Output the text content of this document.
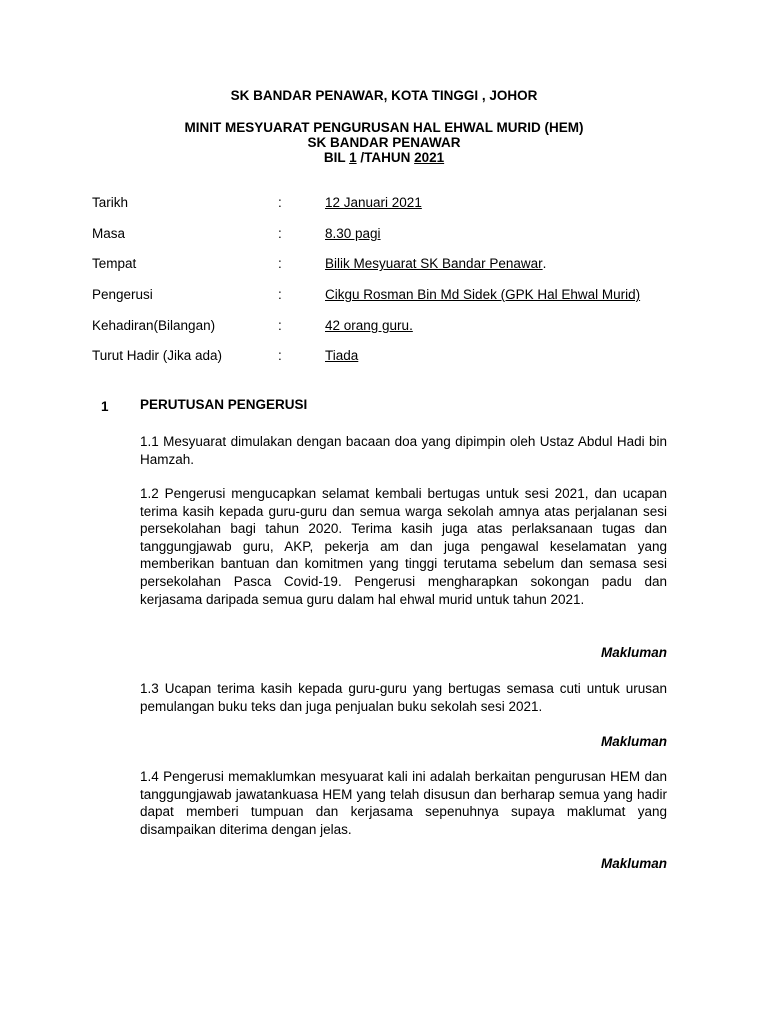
SK BANDAR PENAWAR, KOTA TINGGI , JOHOR
MINIT MESYUARAT PENGURUSAN HAL EHWAL MURID (HEM)
SK BANDAR PENAWAR
BIL 1 /TAHUN 2021
Tarikh	:	12 Januari 2021
Masa	:	8.30 pagi
Tempat	:	Bilik Mesyuarat SK Bandar Penawar.
Pengerusi	:	Cikgu Rosman Bin Md Sidek (GPK Hal Ehwal Murid)
Kehadiran(Bilangan)	:	42 orang guru.
Turut Hadir (Jika ada)	:	Tiada
1 PERUTUSAN PENGERUSI

1.1 Mesyuarat dimulakan dengan bacaan doa yang dipimpin oleh Ustaz Abdul Hadi bin Hamzah.

1.2 Pengerusi mengucapkan selamat kembali bertugas untuk sesi 2021, dan ucapan terima kasih kepada guru-guru dan semua warga sekolah amnya atas perjalanan sesi persekolahan bagi tahun 2020. Terima kasih juga atas perlaksanaan tugas dan tanggungjawab guru, AKP, pekerja am dan juga pengawal keselamatan yang memberikan bantuan dan komitmen yang tinggi terutama sebelum dan semasa sesi persekolahan Pasca Covid-19. Pengerusi mengharapkan sokongan padu dan kerjasama daripada semua guru dalam hal ehwal murid untuk tahun 2021.

Makluman

1.3 Ucapan terima kasih kepada guru-guru yang bertugas semasa cuti untuk urusan pemulangan buku teks dan juga penjualan buku sekolah sesi 2021.

Makluman

1.4 Pengerusi memaklumkan mesyuarat kali ini adalah berkaitan pengurusan HEM dan tanggungjawab jawatankuasa HEM yang telah disusun dan berharap semua yang hadir dapat memberi tumpuan dan kerjasama sepenuhnya supaya maklumat yang disampaikan diterima dengan jelas.

Makluman
